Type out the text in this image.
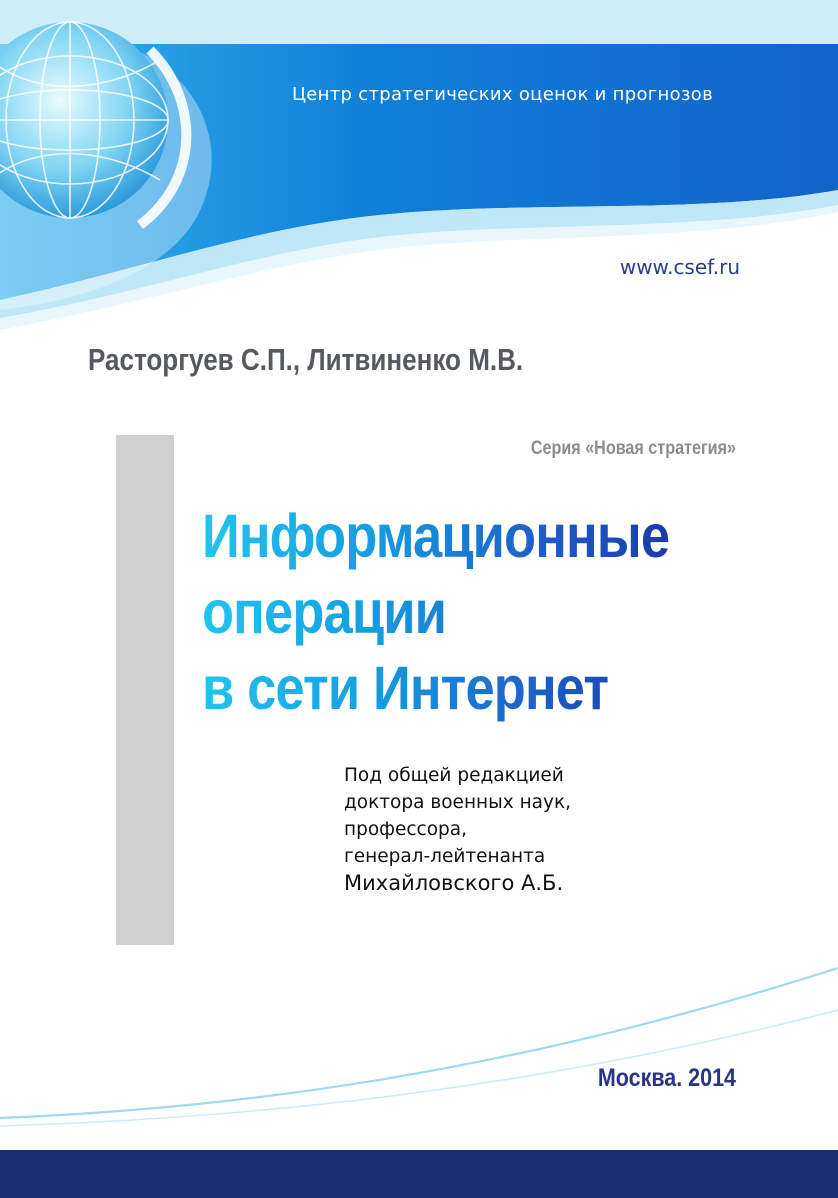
Центр стратегических оценок и прогнозов
www.csef.ru
Расторгуев С.П., Литвиненко М.В.
Серия «Новая стратегия»
Информационные
операции
в сети Интернет
Под общей редакцией
доктора военных наук,
профессора,
генерал-лейтенанта
Михайловского А.Б.
Москва. 2014
